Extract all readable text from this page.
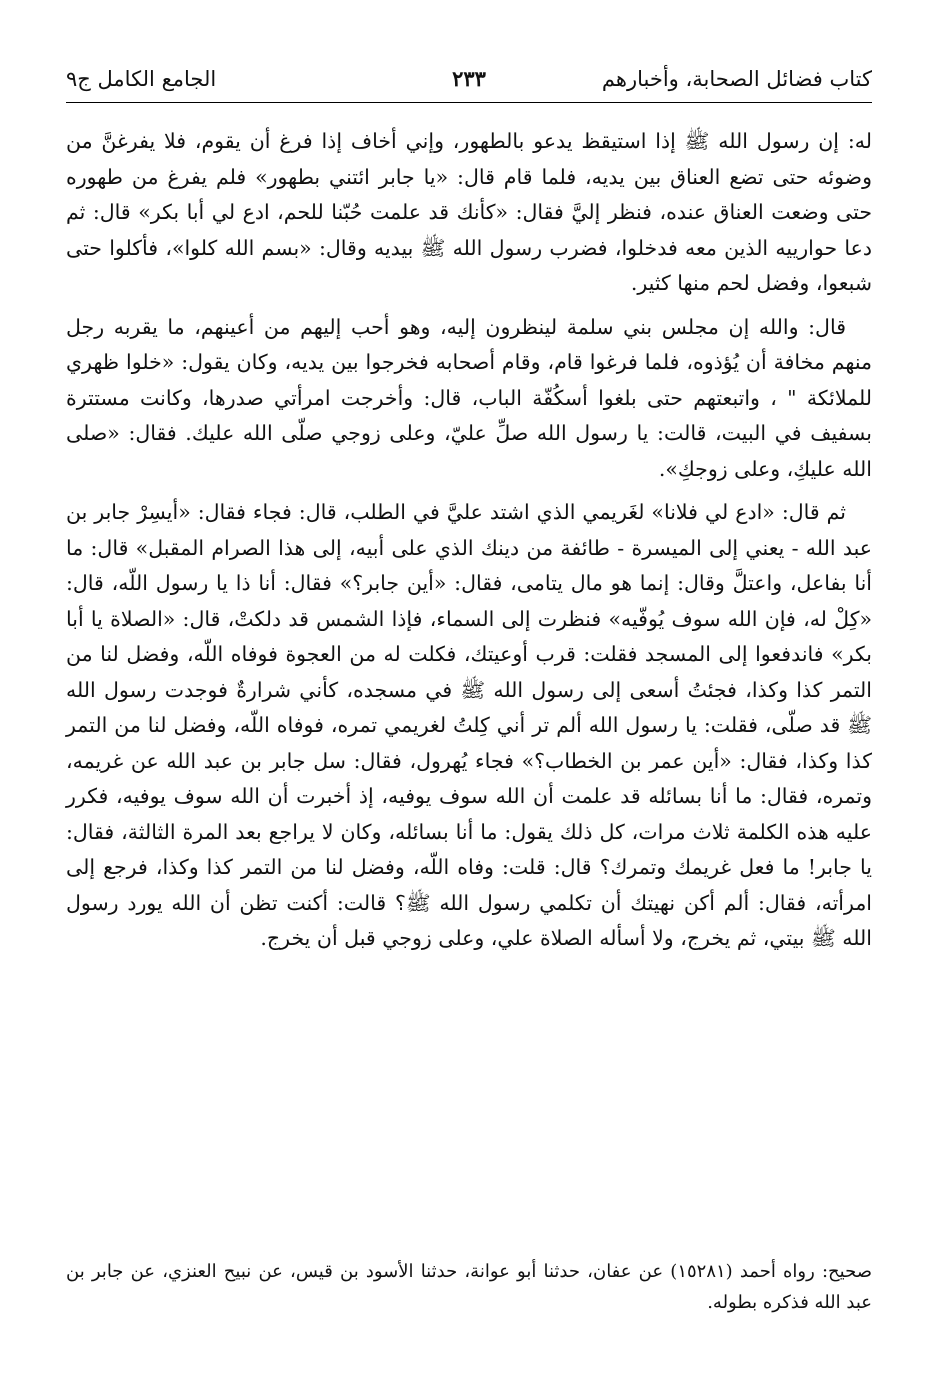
الجامع الكامل ج٩	٢٣٣	كتاب فضائل الصحابة، وأخبارهم

له: إن رسول الله ﷺ إذا استيقظ يدعو بالطهور، وإني أخاف إذا فرغ أن يقوم، فلا يفرغنَّ من وضوئه حتى تضع العناق بين يديه، فلما قام قال: «يا جابر ائتني بطهور» فلم يفرغ من طهوره حتى وضعت العناق عنده، فنظر إليَّ فقال: «كأنك قد علمت حُبّنا للحم، ادع لي أبا بكر» قال: ثم دعا حوارييه الذين معه فدخلوا، فضرب رسول الله ﷺ بيديه وقال: «بسم الله كلوا»، فأكلوا حتى شبعوا، وفضل لحم منها كثير.

قال: والله إن مجلس بني سلمة لينظرون إليه، وهو أحب إليهم من أعينهم، ما يقربه رجل منهم مخافة أن يُؤذوه، فلما فرغوا قام، وقام أصحابه فخرجوا بين يديه، وكان يقول: «خلوا ظهري للملائكة " ، واتبعتهم حتى بلغوا أسكُفّة الباب، قال: وأخرجت امرأتي صدرها، وكانت مستترة بسفيف في البيت، قالت: يا رسول الله صلِّ عليّ، وعلى زوجي صلّى الله عليك. فقال: «صلى الله عليكِ، وعلى زوجكِ».

ثم قال: «ادع لي فلانا» لغَريمي الذي اشتد عليَّ في الطلب، قال: فجاء فقال: «أيسِرْ جابر بن عبد الله - يعني إلى الميسرة - طائفة من دينك الذي على أبيه، إلى هذا الصرام المقبل» قال: ما أنا بفاعل، واعتلَّ وقال: إنما هو مال يتامى، فقال: «أين جابر؟» فقال: أنا ذا يا رسول اللّه، قال: «كِلْ له، فإن الله سوف يُوفّيه» فنظرت إلى السماء، فإذا الشمس قد دلكتْ، قال: «الصلاة يا أبا بكر» فاندفعوا إلى المسجد فقلت: قرب أوعيتك، فكلت له من العجوة فوفاه اللّه، وفضل لنا من التمر كذا وكذا، فجئتُ أسعى إلى رسول الله ﷺ في مسجده، كأني شرارةٌ فوجدت رسول الله ﷺ قد صلّى، فقلت: يا رسول الله ألم تر أني كِلتُ لغريمي تمره، فوفاه اللّه، وفضل لنا من التمر كذا وكذا، فقال: «أين عمر بن الخطاب؟» فجاء يُهرول، فقال: سل جابر بن عبد الله عن غريمه، وتمره، فقال: ما أنا بسائله قد علمت أن الله سوف يوفيه، إذ أخبرت أن الله سوف يوفيه، فكرر عليه هذه الكلمة ثلاث مرات، كل ذلك يقول: ما أنا بسائله، وكان لا يراجع بعد المرة الثالثة، فقال: يا جابر! ما فعل غريمك وتمرك؟ قال: قلت: وفاه اللّه، وفضل لنا من التمر كذا وكذا، فرجع إلى امرأته، فقال: ألم أكن نهيتك أن تكلمي رسول الله ﷺ؟ قالت: أكنت تظن أن الله يورد رسول الله ﷺ بيتي، ثم يخرج، ولا أسأله الصلاة علي، وعلى زوجي قبل أن يخرج.

صحيح: رواه أحمد (١٥٢٨١) عن عفان، حدثنا أبو عوانة، حدثنا الأسود بن قيس، عن نبيح العنزي، عن جابر بن عبد الله فذكره بطوله.
